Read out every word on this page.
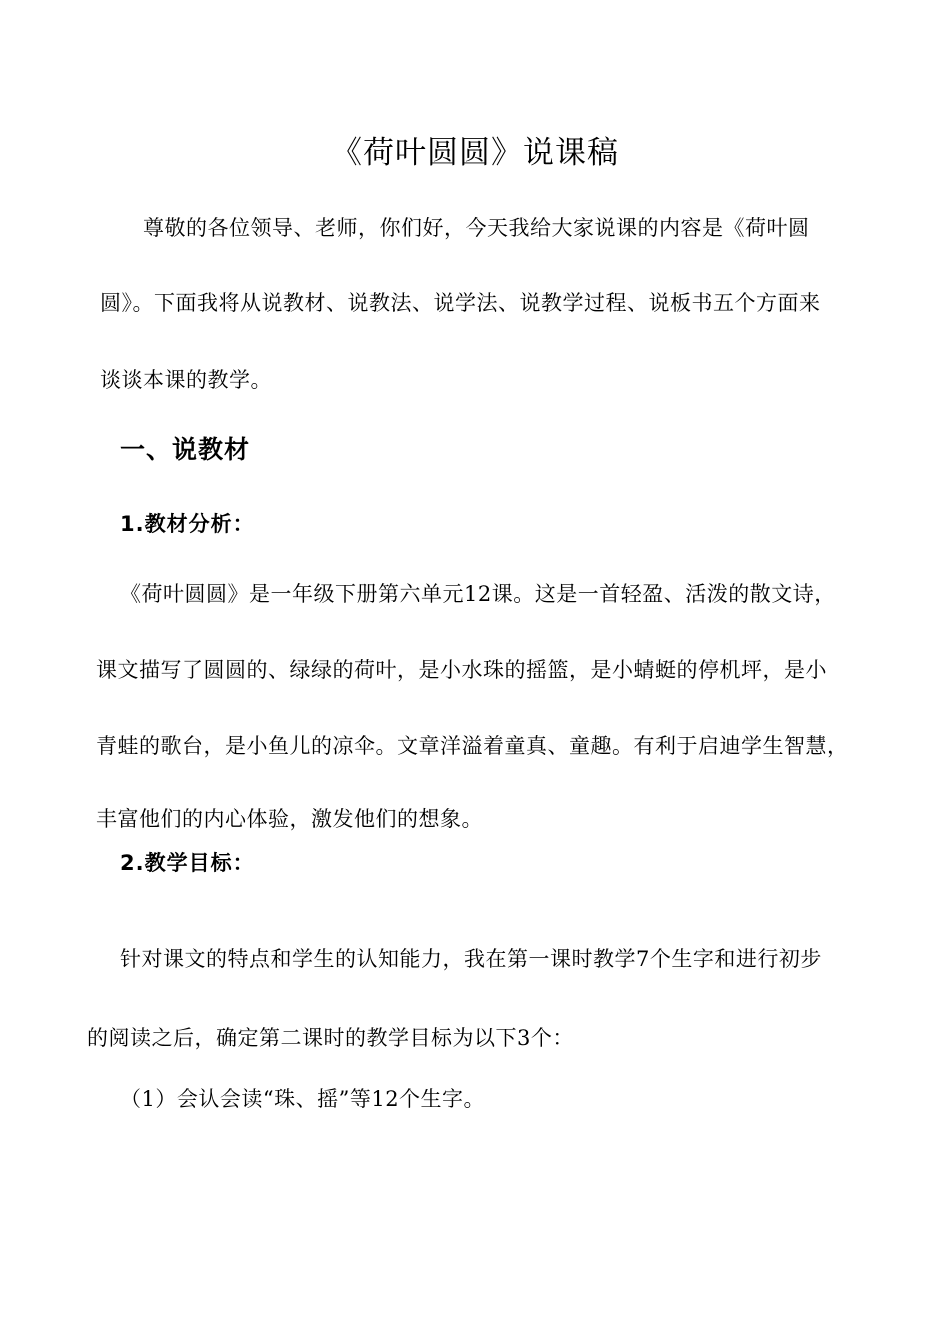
《荷叶圆圆》说课稿
尊敬的各位领导、老师，你们好，今天我给大家说课的内容是《荷叶圆
圆》。下面我将从说教材、说教法、说学法、说教学过程、说板书五个方面来
谈谈本课的教学。
一、说教材
1.教材分析：
《荷叶圆圆》是一年级下册第六单元12课。这是一首轻盈、活泼的散文诗，
课文描写了圆圆的、绿绿的荷叶，是小水珠的摇篮，是小蜻蜓的停机坪，是小
青蛙的歌台，是小鱼儿的凉伞。文章洋溢着童真、童趣。有利于启迪学生智慧，
丰富他们的内心体验，激发他们的想象。
2.教学目标：
针对课文的特点和学生的认知能力，我在第一课时教学7个生字和进行初步
的阅读之后，确定第二课时的教学目标为以下3个：
（1）会认会读“珠、摇”等12个生字。
